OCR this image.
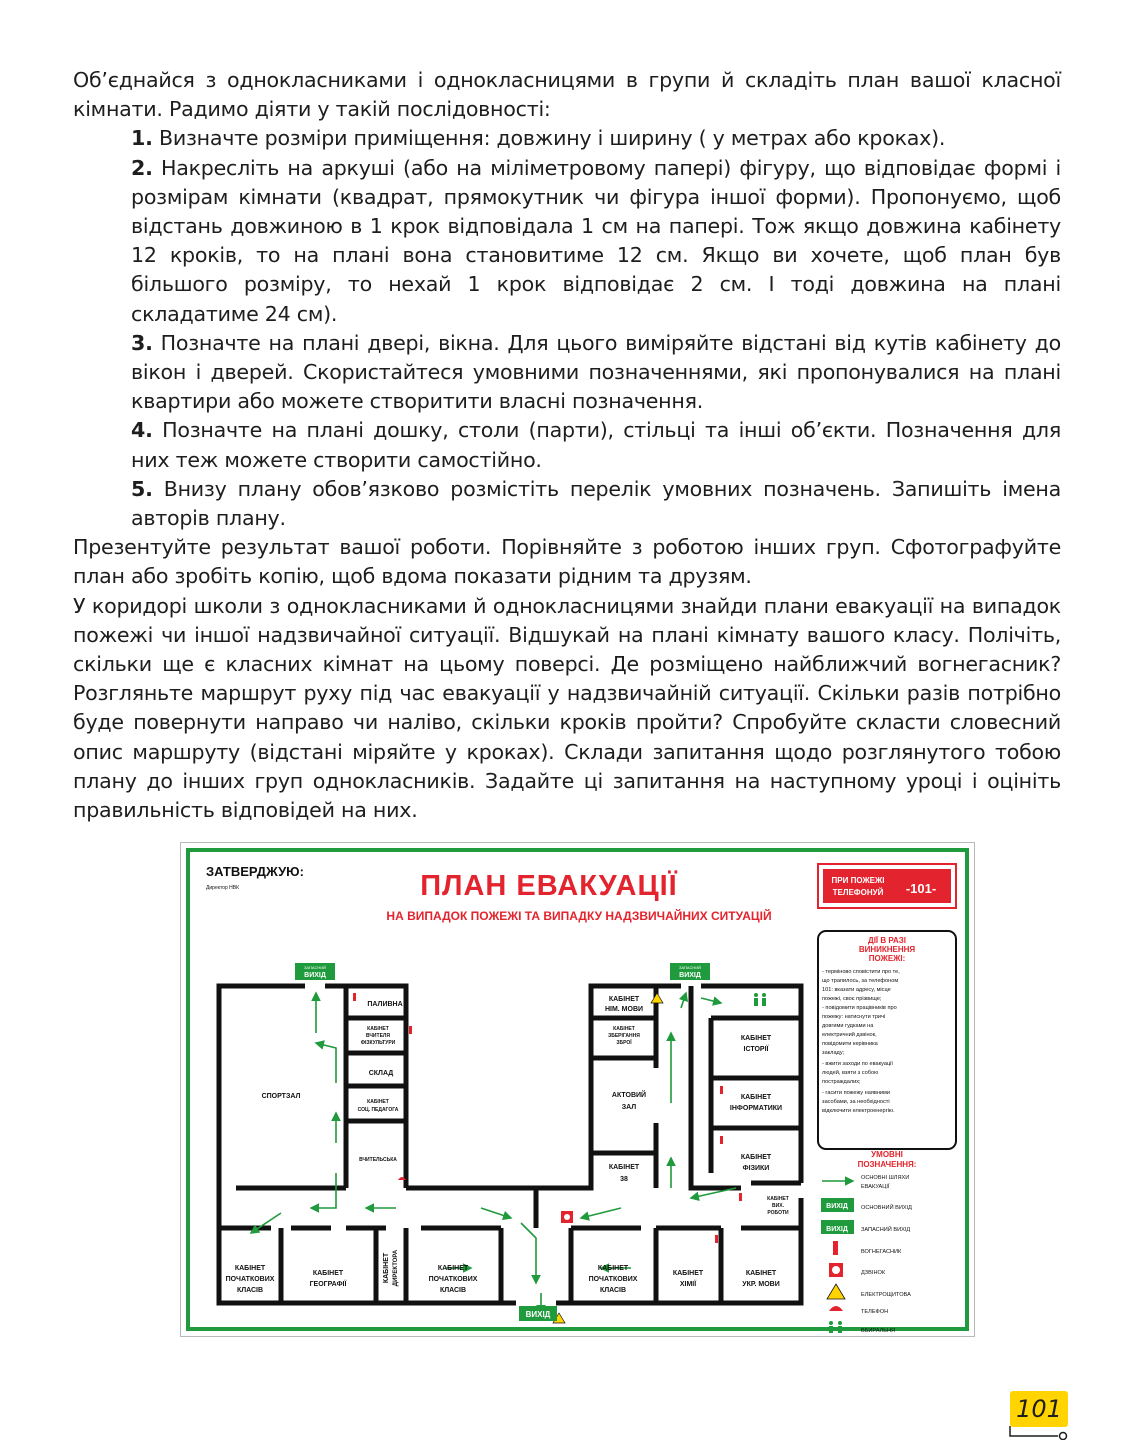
Об’єднайся з однокласниками і однокласницями в групи й складіть план вашої класної кімнати. Радимо діяти у такій послідовності:

1. Визначте розміри приміщення: довжину і ширину ( у метрах або кроках).

2. Накресліть на аркуші (або на міліметровому папері) фігуру, що відповідає формі і розмірам кімнати (квадрат, прямокутник чи фігура іншої форми). Пропонуємо, щоб відстань довжиною в 1 крок відповідала 1 см на папері. Тож якщо довжина кабінету 12 кроків, то на плані вона становитиме 12 см. Якщо ви хочете, щоб план був більшого розміру, то нехай 1 крок відповідає 2 см. І тоді довжина на плані складатиме 24 см).

3. Позначте на плані двері, вікна. Для цього виміряйте відстані від кутів кабінету до вікон і дверей. Скористайтеся умовними позначеннями, які пропонувалися на плані квартири або можете створитити власні позначення.

4. Позначте на плані дошку, столи (парти), стільці та інші об’єкти. Позначення для них теж можете створити самостійно.

5. Внизу плану обов’язково розмістіть перелік умовних позначень. Запишіть імена авторів плану.

Презентуйте результат вашої роботи. Порівняйте з роботою інших груп. Сфотографуйте план або зробіть копію, щоб вдома показати рідним та друзям.

У коридорі школи з однокласниками й однокласницями знайди плани евакуації на випадок пожежі чи іншої надзвичайної ситуації. Відшукай на плані кімнату вашого класу. Полічіть, скільки ще є класних кімнат на цьому поверсі. Де розміщено найближчий вогнегасник? Розгляньте маршрут руху під час евакуації у надзвичайній ситуації. Скільки разів потрібно буде повернути направо чи наліво, скільки кроків пройти? Спробуйте скласти словесний опис маршруту (відстані міряйте у кроках). Склади запитання щодо розглянутого тобою плану до інших груп однокласників. Задайте ці запитання на наступному уроці і оцініть правильність відповідей на них.

ЗАТВЕРДЖУЮ:
Директор НВК	ПЛАН ЕВАКУАЦІЇ
НА ВИПАДОК ПОЖЕЖІ ТА ВИПАДКУ НАДЗВИЧАЙНИХ СИТУАЦІЙ
ПРИ ПОЖЕЖІ
ТЕЛЕФОНУЙ -101-
ЗАПАСНИЙ
ВИХІД
ЗАПАСНИЙ
ВИХІД
ПАЛИВНА
КАБІНЕТ
ВЧИТЕЛЯ
ФІЗКУЛЬТУРИ
СКЛАД
СПОРТЗАЛ
КАБІНЕТ
СОЦ. ПЕДАГОГА
ВЧИТЕЛЬСЬКА
КАБІНЕТ
НІМ. МОВИ
КАБІНЕТ
ЗБЕРІГАННЯ
ЗБРОЇ
АКТОВИЙ
ЗАЛ
КАБІНЕТ
38
КАБІНЕТ
ІСТОРІЇ
КАБІНЕТ
ІНФОРМАТИКИ
КАБІНЕТ
ФІЗИКИ
КАБІНЕТ
ВИХ.
РОБОТИ
КАБІНЕТ
ПОЧАТКОВИХ
КЛАСІВ
КАБІНЕТ
ГЕОГРАФІЇ
КАБІНЕТ ДИРЕКТОРА	КАБІНЕТ
ПОЧАТКОВИХ
КЛАСІВ
КАБІНЕТ
ПОЧАТКОВИХ
КЛАСІВ
КАБІНЕТ
ХІМІЇ
КАБІНЕТ
УКР. МОВИ
ВИХІД
ДІЇ В РАЗІ
ВИНИКНЕННЯ
ПОЖЕЖІ:
- терміново сповістити про те,
що трапилось, за телефоном
101: вказати адресу, місце
пожежі, своє прізвище;
- повідомити працівників про
пожежу: натиснути тричі
довгими гудками на
електричний дзвінок,
повідомити керівника
закладу;
- вжити заходи по евакуації
людей, взяти з собою
постраждалих;
- гасити пожежу наявними
засобами, за необхідності
відключити електроенергію.
УМОВНІ
ПОЗНАЧЕННЯ:
ОСНОВНІ ШЛЯХИ
ЕВАКУАЦІЇ
ВИХІД ОСНОВНИЙ ВИХІД
ВИХІД ЗАПАСНИЙ ВИХІД
ВОГНЕГАСНИК
ДЗВІНОК
ЕЛЕКТРОЩИТОВА
ТЕЛЕФОН
ВБИРАЛЬНЯ
101
